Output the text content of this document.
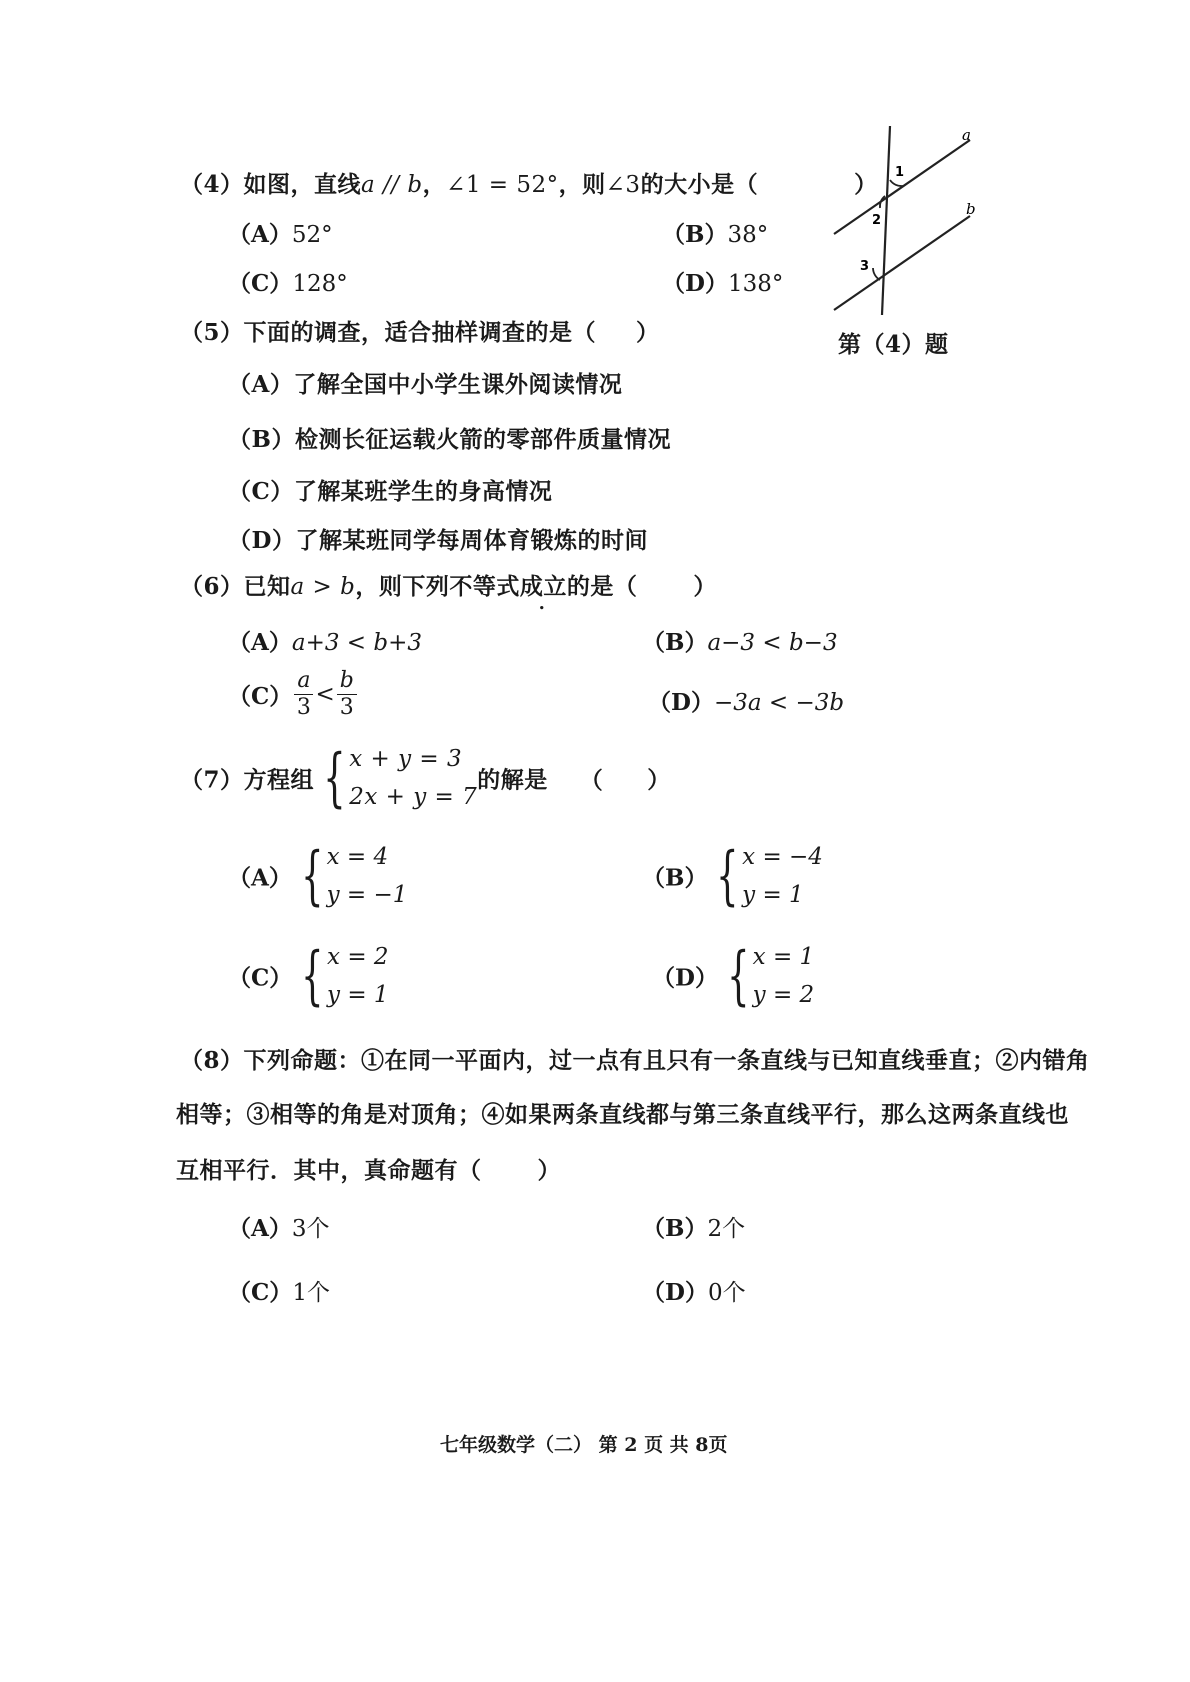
（4）如图，直线a // b，∠1 = 52°，则∠3的大小是（	）
（A）52°	（B）38°
（C）128°	（D）138°
a
b
1
2
3
第（4）题
（5）下面的调查，适合抽样调查的是（ ）
（A）了解全国中小学生课外阅读情况
（B）检测长征运载火箭的零部件质量情况
（C）了解某班学生的身高情况
（D）了解某班同学每周体育锻炼的时间
（6）已知a > b，则下列不等式成立的是（ ）
（A）a+3 < b+3	（B）a−3 < b−3
$(C) \frac{a}{3} < \frac{b}{3}$	（D）−3a < −3b
（7）方程组 { x + y = 3
2x + y = 7
的解是 （ ）
（A） { x = 4
y = −1
（B） { x = −4
y = 1
（C） { x = 2
y = 1
（D） { x = 1
y = 2
（8）下列命题：①在同一平面内，过一点有且只有一条直线与已知直线垂直；②内错角
相等；③相等的角是对顶角；④如果两条直线都与第三条直线平行，那么这两条直线也
互相平行．其中，真命题有（ ）
（A）3个	（B）2个
（C）1个	（D）0个
七年级数学（二） 第 2 页 共 8页
